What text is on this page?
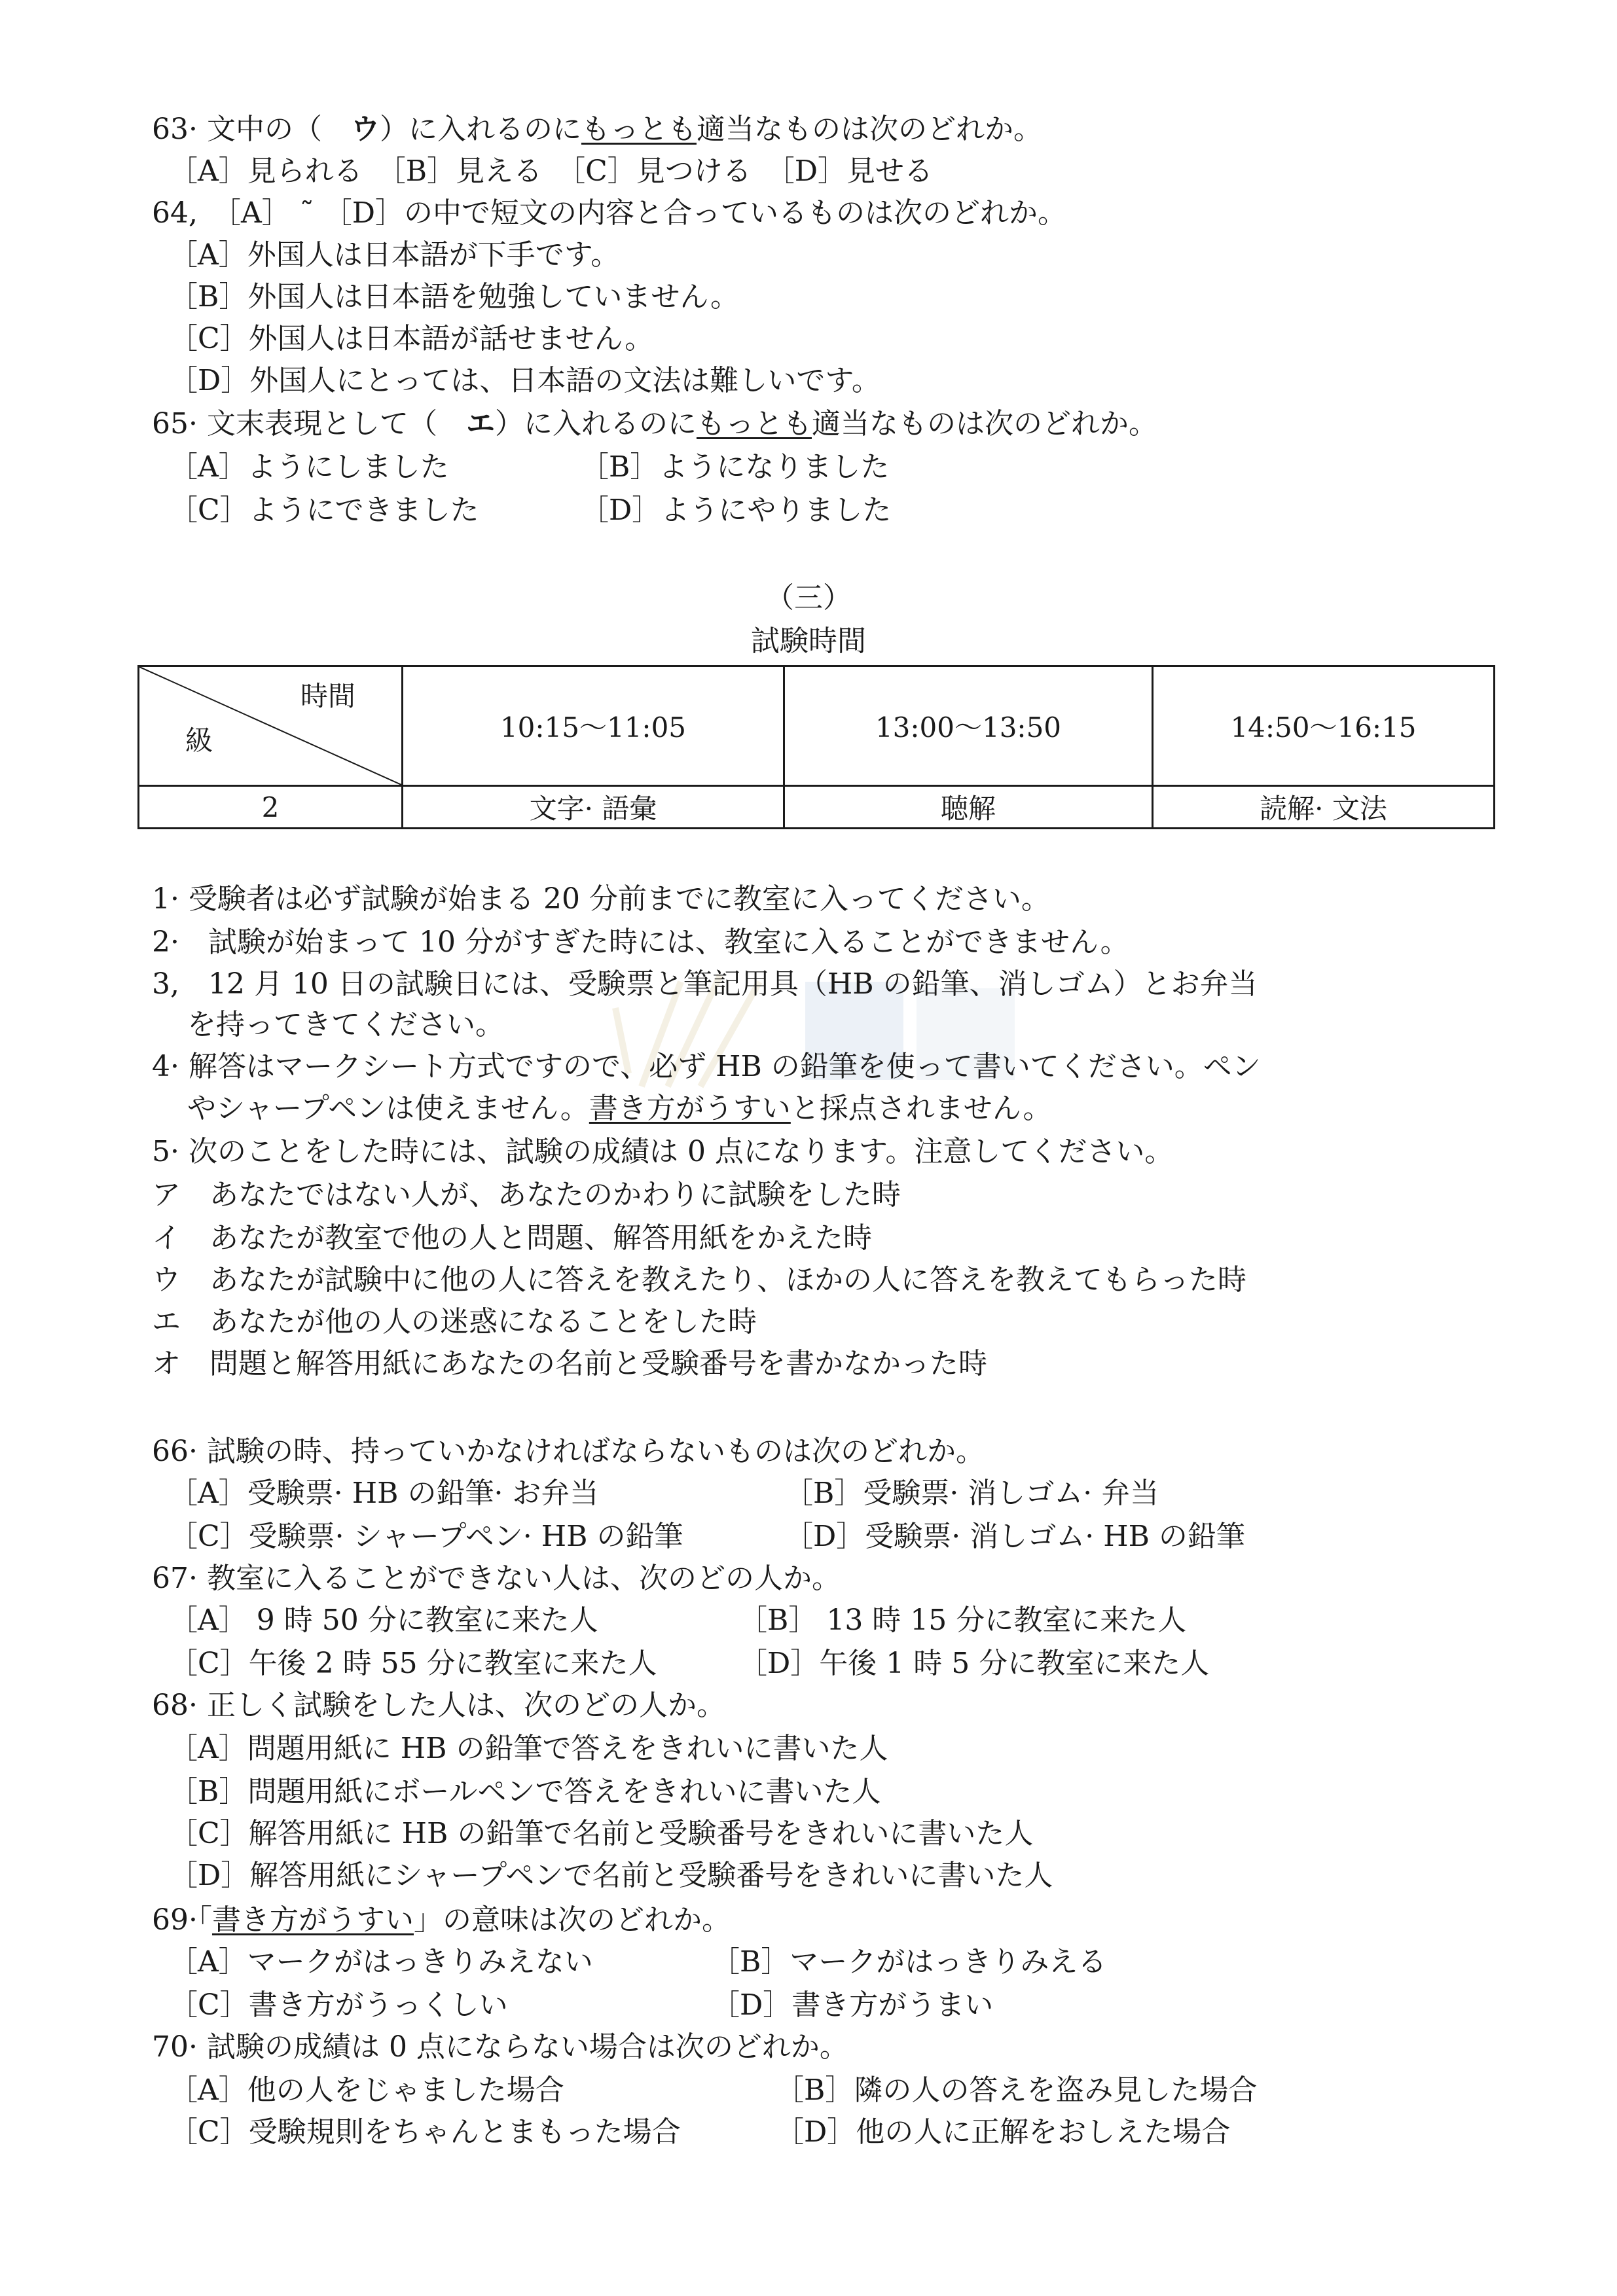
63· 文中の（　ウ）に入れるのにもっとも適当なものは次のどれか。
［A］見られる　［B］見える　［C］見つける　［D］見せる
64,　［A］ ˜ ［D］の中で短文の内容と合っているものは次のどれか。
［A］外国人は日本語が下手です。
［B］外国人は日本語を勉強していません。
［C］外国人は日本語が話せません。
［D］外国人にとっては、日本語の文法は難しいです。
65· 文末表現として（　エ）に入れるのにもっとも適当なものは次のどれか。
［A］ようにしました	［B］ようになりました
［C］ようにできました	［D］ようにやりました
（三）
試験時間
時間
級	10:15～11:05	13:00～13:50	14:50～16:15
2	文字· 語彙	聴解	読解· 文法
1· 受験者は必ず試験が始まる 20 分前までに教室に入ってください。
2·　試験が始まって 10 分がすぎた時には、教室に入ることができません。
3,　12 月 10 日の試験日には、受験票と筆記用具（HB の鉛筆、消しゴム）とお弁当
を持ってきてください。
4· 解答はマークシート方式ですので、必ず HB の鉛筆を使って書いてください。ペン
やシャープペンは使えません。書き方がうすいと採点されません。
5· 次のことをした時には、試験の成績は 0 点になります。注意してください。
ア　あなたではない人が、あなたのかわりに試験をした時
イ　あなたが教室で他の人と問題、解答用紙をかえた時
ウ　あなたが試験中に他の人に答えを教えたり、ほかの人に答えを教えてもらった時
エ　あなたが他の人の迷惑になることをした時
オ　問題と解答用紙にあなたの名前と受験番号を書かなかった時
66· 試験の時、持っていかなければならないものは次のどれか。
［A］受験票· HB の鉛筆· お弁当	［B］受験票· 消しゴム· 弁当
［C］受験票· シャープペン· HB の鉛筆	［D］受験票· 消しゴム· HB の鉛筆
67· 教室に入ることができない人は、次のどの人か。
［A］ 9 時 50 分に教室に来た人	［B］ 13 時 15 分に教室に来た人
［C］午後 2 時 55 分に教室に来た人	［D］午後 1 時 5 分に教室に来た人
68· 正しく試験をした人は、次のどの人か。
［A］問題用紙に HB の鉛筆で答えをきれいに書いた人
［B］問題用紙にボールペンで答えをきれいに書いた人
［C］解答用紙に HB の鉛筆で名前と受験番号をきれいに書いた人
［D］解答用紙にシャープペンで名前と受験番号をきれいに書いた人
69·「書き方がうすい」の意味は次のどれか。
［A］マークがはっきりみえない	［B］マークがはっきりみえる
［C］書き方がうっくしい	［D］書き方がうまい
70· 試験の成績は 0 点にならない場合は次のどれか。
［A］他の人をじゃました場合	［B］隣の人の答えを盗み見した場合
［C］受験規則をちゃんとまもった場合	［D］他の人に正解をおしえた場合
